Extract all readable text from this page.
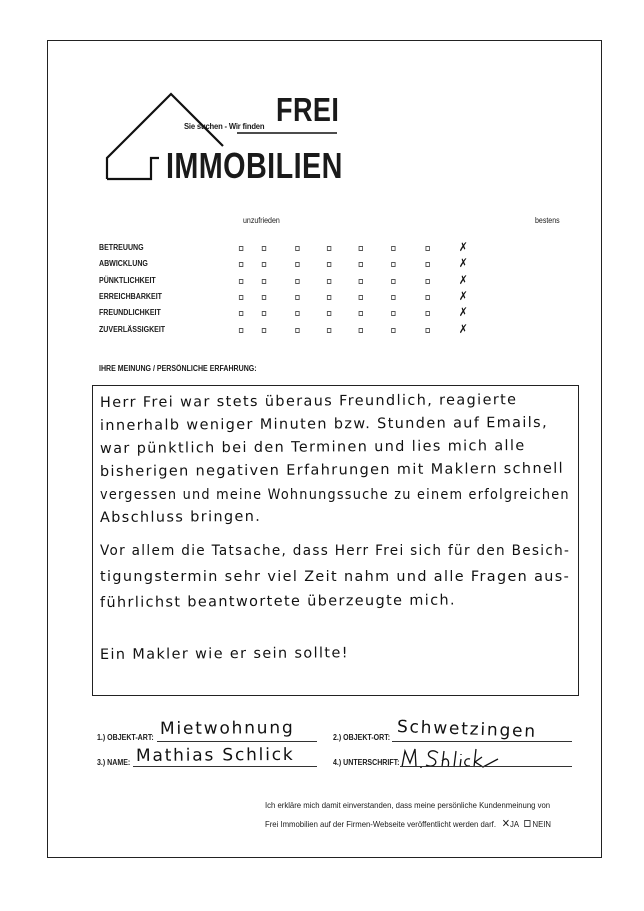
Sie suchen - Wir finden FREI
IMMOBILIEN
unzufrieden	bestens
BETREUUNG	✗
ABWICKLUNG	✗
PÜNKTLICHKEIT	✗
ERREICHBARKEIT	✗
FREUNDLICHKEIT	✗
ZUVERLÄSSIGKEIT	✗
IHRE MEINUNG / PERSÖNLICHE ERFAHRUNG:
Herr Frei war stets überaus Freundlich, reagierte
innerhalb weniger Minuten bzw. Stunden auf Emails,
war pünktlich bei den Terminen und lies mich alle
bisherigen negativen Erfahrungen mit Maklern schnell
vergessen und meine Wohnungssuche zu einem erfolgreichen
Abschluss bringen.
Vor allem die Tatsache, dass Herr Frei sich für den Besich-
tigungstermin sehr viel Zeit nahm und alle Fragen aus-
führlichst beantwortete überzeugte mich.
Ein Makler wie er sein sollte!
1.) OBJEKT-ART: Mietwohnung	2.) OBJEKT-ORT: Schwetzingen
3.) NAME: Mathias Schlick	4.) UNTERSCHRIFT:
Ich erkläre mich damit einverstanden, dass meine persönliche Kundenmeinung von
Frei Immobilien auf der Firmen-Webseite veröffentlicht werden darf. ✕JA NEIN
